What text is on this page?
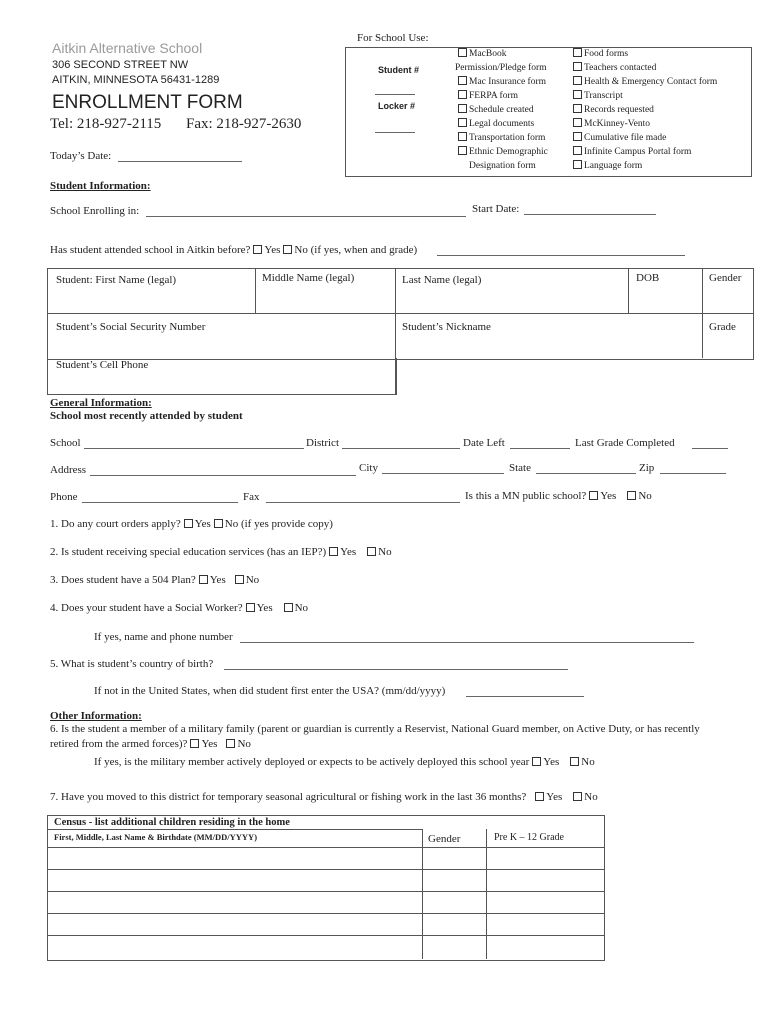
Aitkin Alternative School
306 SECOND STREET NW
AITKIN, MINNESOTA 56431-1289
ENROLLMENT FORM
Tel: 218-927-2115 Fax: 218-927-2630
Today’s Date:
For School Use:
Student #
Locker #
MacBook
Permission/Pledge form
Mac Insurance form
FERPA form
Schedule created
Legal documents
Transportation form
Ethnic Demographic
Designation form
Food forms
Teachers contacted
Health & Emergency Contact form
Transcript
Records requested
McKinney-Vento
Cumulative file made
Infinite Campus Portal form
Language form
Student Information:
School Enrolling in:	Start Date:
Has student attended school in Aitkin before? Yes No (if yes, when and grade)
Student: First Name (legal)	Middle Name (legal)	Last Name (legal)	DOB	Gender
Student’s Social Security Number	Student’s Nickname	Grade
Student’s Cell Phone
General Information:
School most recently attended by student
School	District	Date Left	Last Grade Completed
Address	City	State	Zip
Phone	Fax	Is this a MN public school? Yes No
1. Do any court orders apply? Yes No (if yes provide copy)
2. Is student receiving special education services (has an IEP?) Yes No
3. Does student have a 504 Plan? Yes No
4. Does your student have a Social Worker? Yes No
If yes, name and phone number
5. What is student’s country of birth?
If not in the United States, when did student first enter the USA? (mm/dd/yyyy)
Other Information:
6. Is the student a member of a military family (parent or guardian is currently a Reservist, National Guard member, on Active Duty, or has recently
retired from the armed forces)? Yes No
If yes, is the military member actively deployed or expects to be actively deployed this school year Yes No
7. Have you moved to this district for temporary seasonal agricultural or fishing work in the last 36 months? Yes No
Census - list additional children residing in the home
First, Middle, Last Name & Birthdate (MM/DD/YYYY)	Gender	Pre K – 12 Grade
